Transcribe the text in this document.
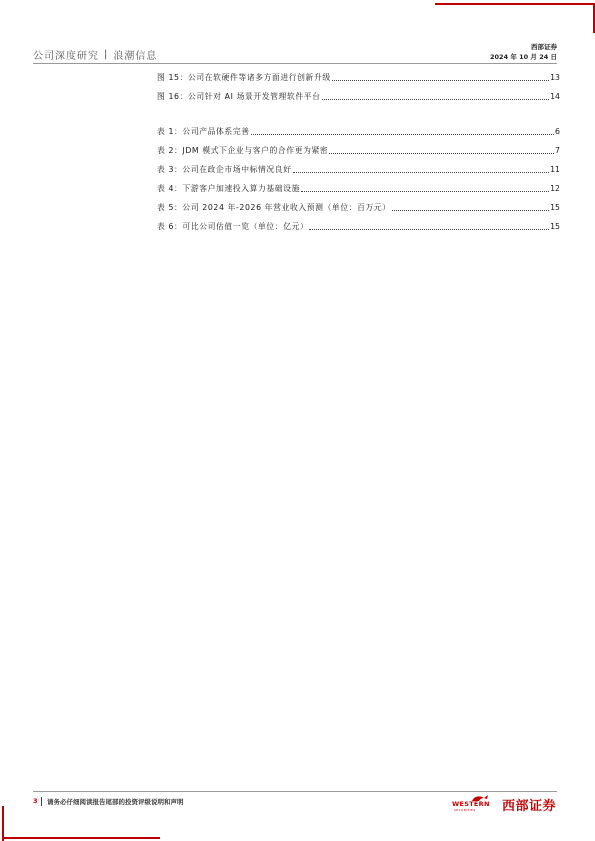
公司深度研究 | 浪潮信息
西部证券
2024 年 10 月 24 日
图 15：公司在软硬件等诸多方面进行创新升级	13
图 16：公司针对 AI 场景开发管理软件平台	14
表 1：公司产品体系完善	6
表 2：JDM 模式下企业与客户的合作更为紧密	7
表 3：公司在政企市场中标情况良好	11
表 4：下游客户加速投入算力基础设施	12
表 5：公司 2024 年-2026 年营业收入预测（单位：百万元）	15
表 6：可比公司估值一览（单位：亿元）	15
3 请务必仔细阅读报告尾部的投资评级说明和声明	WESTERN
SECURITIES 西部证券
